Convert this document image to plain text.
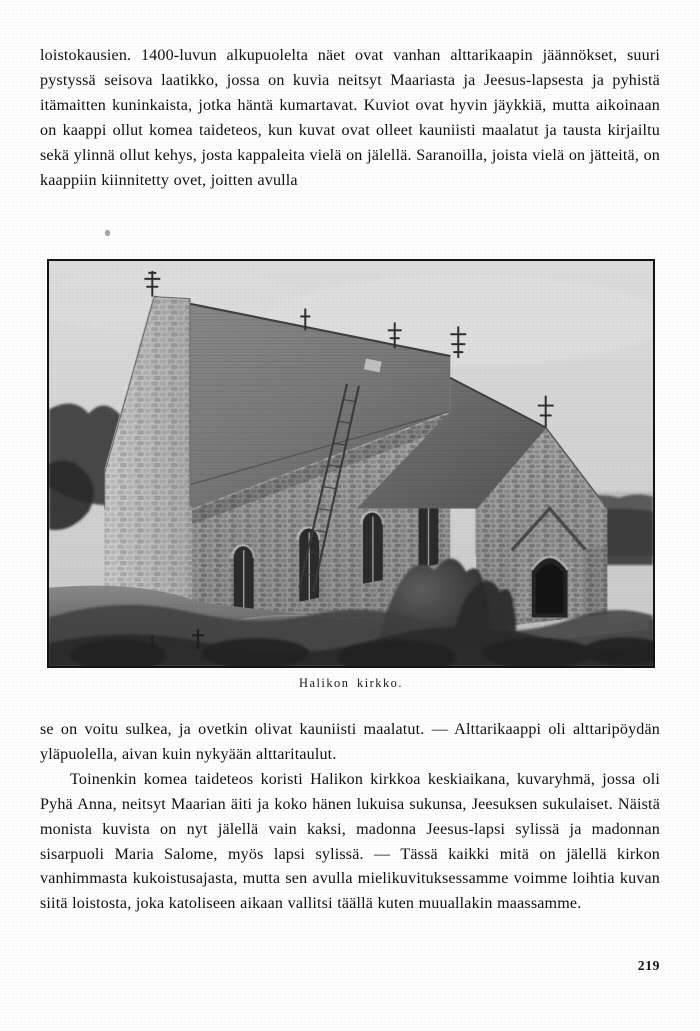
loistokausien. 1400-luvun alkupuolelta näet ovat vanhan alttarikaapin jäännökset, suuri pystyssä seisova laatikko, jossa on kuvia neitsyt Maariasta ja Jeesus-lapsesta ja pyhistä itämaitten kuninkaista, jotka häntä kumartavat. Kuviot ovat hyvin jäykkiä, mutta aikoinaan on kaappi ollut komea taideteos, kun kuvat ovat olleet kauniisti maalatut ja tausta kirjailtu sekä ylinnä ollut kehys, josta kappaleita vielä on jälellä. Saranoilla, joista vielä on jätteitä, on kaappiin kiinnitetty ovet, joitten avulla

Halikon kirkko.

se on voitu sulkea, ja ovetkin olivat kauniisti maalatut. — Alttarikaappi oli alttaripöydän yläpuolella, aivan kuin nykyään alttaritaulut.

Toinenkin komea taideteos koristi Halikon kirkkoa keskiaikana, kuvaryhmä, jossa oli Pyhä Anna, neitsyt Maarian äiti ja koko hänen lukuisa sukunsa, Jeesuksen sukulaiset. Näistä monista kuvista on nyt jälellä vain kaksi, madonna Jeesus-lapsi sylissä ja madonnan sisarpuoli Maria Salome, myös lapsi sylissä. — Tässä kaikki mitä on jälellä kirkon vanhimmasta kukoistusajasta, mutta sen avulla mielikuvituksessamme voimme loihtia kuvan siitä loistosta, joka katoliseen aikaan vallitsi täällä kuten muuallakin maassamme.

219
